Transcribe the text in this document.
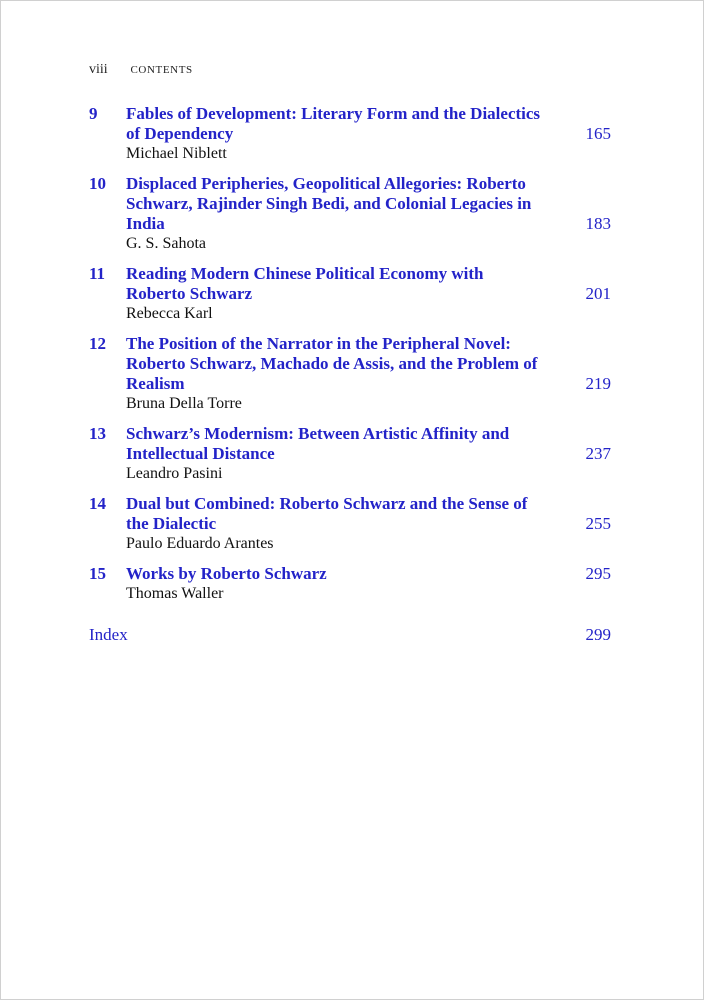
viii CONTENTS
9	Fables of Development: Literary Form and the Dialectics of Dependency
Michael Niblett
165
10	Displaced Peripheries, Geopolitical Allegories: Roberto Schwarz, Rajinder Singh Bedi, and Colonial Legacies in India
G. S. Sahota
183
11	Reading Modern Chinese Political Economy with Roberto Schwarz
Rebecca Karl
201
12	The Position of the Narrator in the Peripheral Novel: Roberto Schwarz, Machado de Assis, and the Problem of Realism
Bruna Della Torre
219
13	Schwarz’s Modernism: Between Artistic Affinity and Intellectual Distance
Leandro Pasini
237
14	Dual but Combined: Roberto Schwarz and the Sense of the Dialectic
Paulo Eduardo Arantes
255
15	Works by Roberto Schwarz
Thomas Waller
295
Index	299
